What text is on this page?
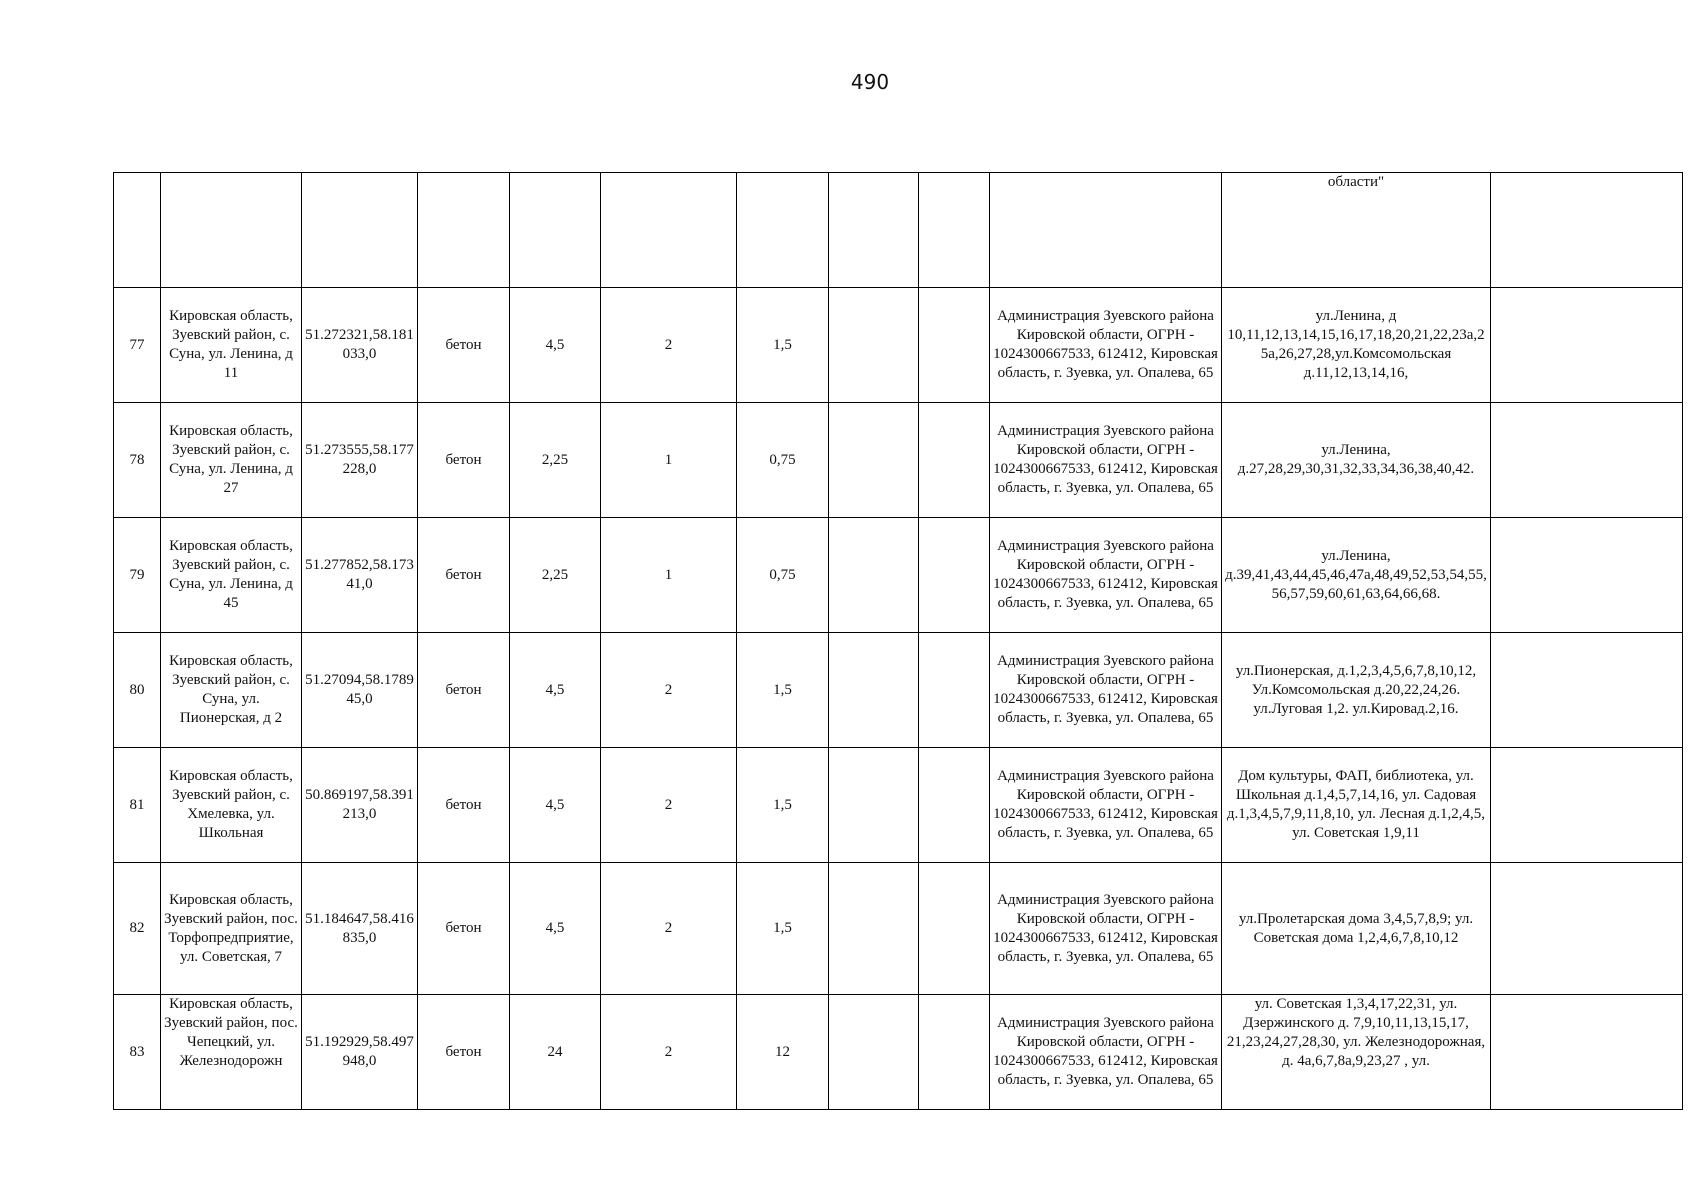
490
										области"	
77	Кировская область, Зуевский район, с. Суна, ул. Ленина, д 11	51.272321,58.181033,0	бетон	4,5	2	1,5			Администрация Зуевского района Кировской области, ОГРН - 1024300667533, 612412, Кировская область, г. Зуевка, ул. Опалева, 65	ул.Ленина, д 10,11,12,13,14,15,16,17,18,20,21,22,23а,25а,26,27,28,ул.Комсомольская д.11,12,13,14,16,	
78	Кировская область, Зуевский район, с. Суна, ул. Ленина, д 27	51.273555,58.177228,0	бетон	2,25	1	0,75			Администрация Зуевского района Кировской области, ОГРН - 1024300667533, 612412, Кировская область, г. Зуевка, ул. Опалева, 65	ул.Ленина, д.27,28,29,30,31,32,33,34,36,38,40,42.	
79	Кировская область, Зуевский район, с. Суна, ул. Ленина, д 45	51.277852,58.17341,0	бетон	2,25	1	0,75			Администрация Зуевского района Кировской области, ОГРН - 1024300667533, 612412, Кировская область, г. Зуевка, ул. Опалева, 65	ул.Ленина, д.39,41,43,44,45,46,47а,48,49,52,53,54,55,56,57,59,60,61,63,64,66,68.	
80	Кировская область, Зуевский район, с. Суна, ул. Пионерская, д 2	51.27094,58.178945,0	бетон	4,5	2	1,5			Администрация Зуевского района Кировской области, ОГРН - 1024300667533, 612412, Кировская область, г. Зуевка, ул. Опалева, 65	ул.Пионерская, д.1,2,3,4,5,6,7,8,10,12, Ул.Комсомольская д.20,22,24,26. ул.Луговая 1,2. ул.Кировад.2,16.	
81	Кировская область, Зуевский район, с. Хмелевка, ул. Школьная	50.869197,58.391213,0	бетон	4,5	2	1,5			Администрация Зуевского района Кировской области, ОГРН - 1024300667533, 612412, Кировская область, г. Зуевка, ул. Опалева, 65	Дом культуры, ФАП, библиотека, ул. Школьная д.1,4,5,7,14,16, ул. Садовая д.1,3,4,5,7,9,11,8,10, ул. Лесная д.1,2,4,5, ул. Советская 1,9,11	
82	Кировская область, Зуевский район, пос. Торфопредприятие, ул. Советская, 7	51.184647,58.416835,0	бетон	4,5	2	1,5			Администрация Зуевского района Кировской области, ОГРН - 1024300667533, 612412, Кировская область, г. Зуевка, ул. Опалева, 65	ул.Пролетарская дома 3,4,5,7,8,9; ул. Советская дома 1,2,4,6,7,8,10,12	
83	Кировская область, Зуевский район, пос. Чепецкий, ул. Железнодорожн	51.192929,58.497948,0	бетон	24	2	12			Администрация Зуевского района Кировской области, ОГРН - 1024300667533, 612412, Кировская область, г. Зуевка, ул. Опалева, 65	ул. Советская 1,3,4,17,22,31, ул. Дзержинского д. 7,9,10,11,13,15,17, 21,23,24,27,28,30, ул. Железнодорожная, д. 4а,6,7,8а,9,23,27 , ул.	
